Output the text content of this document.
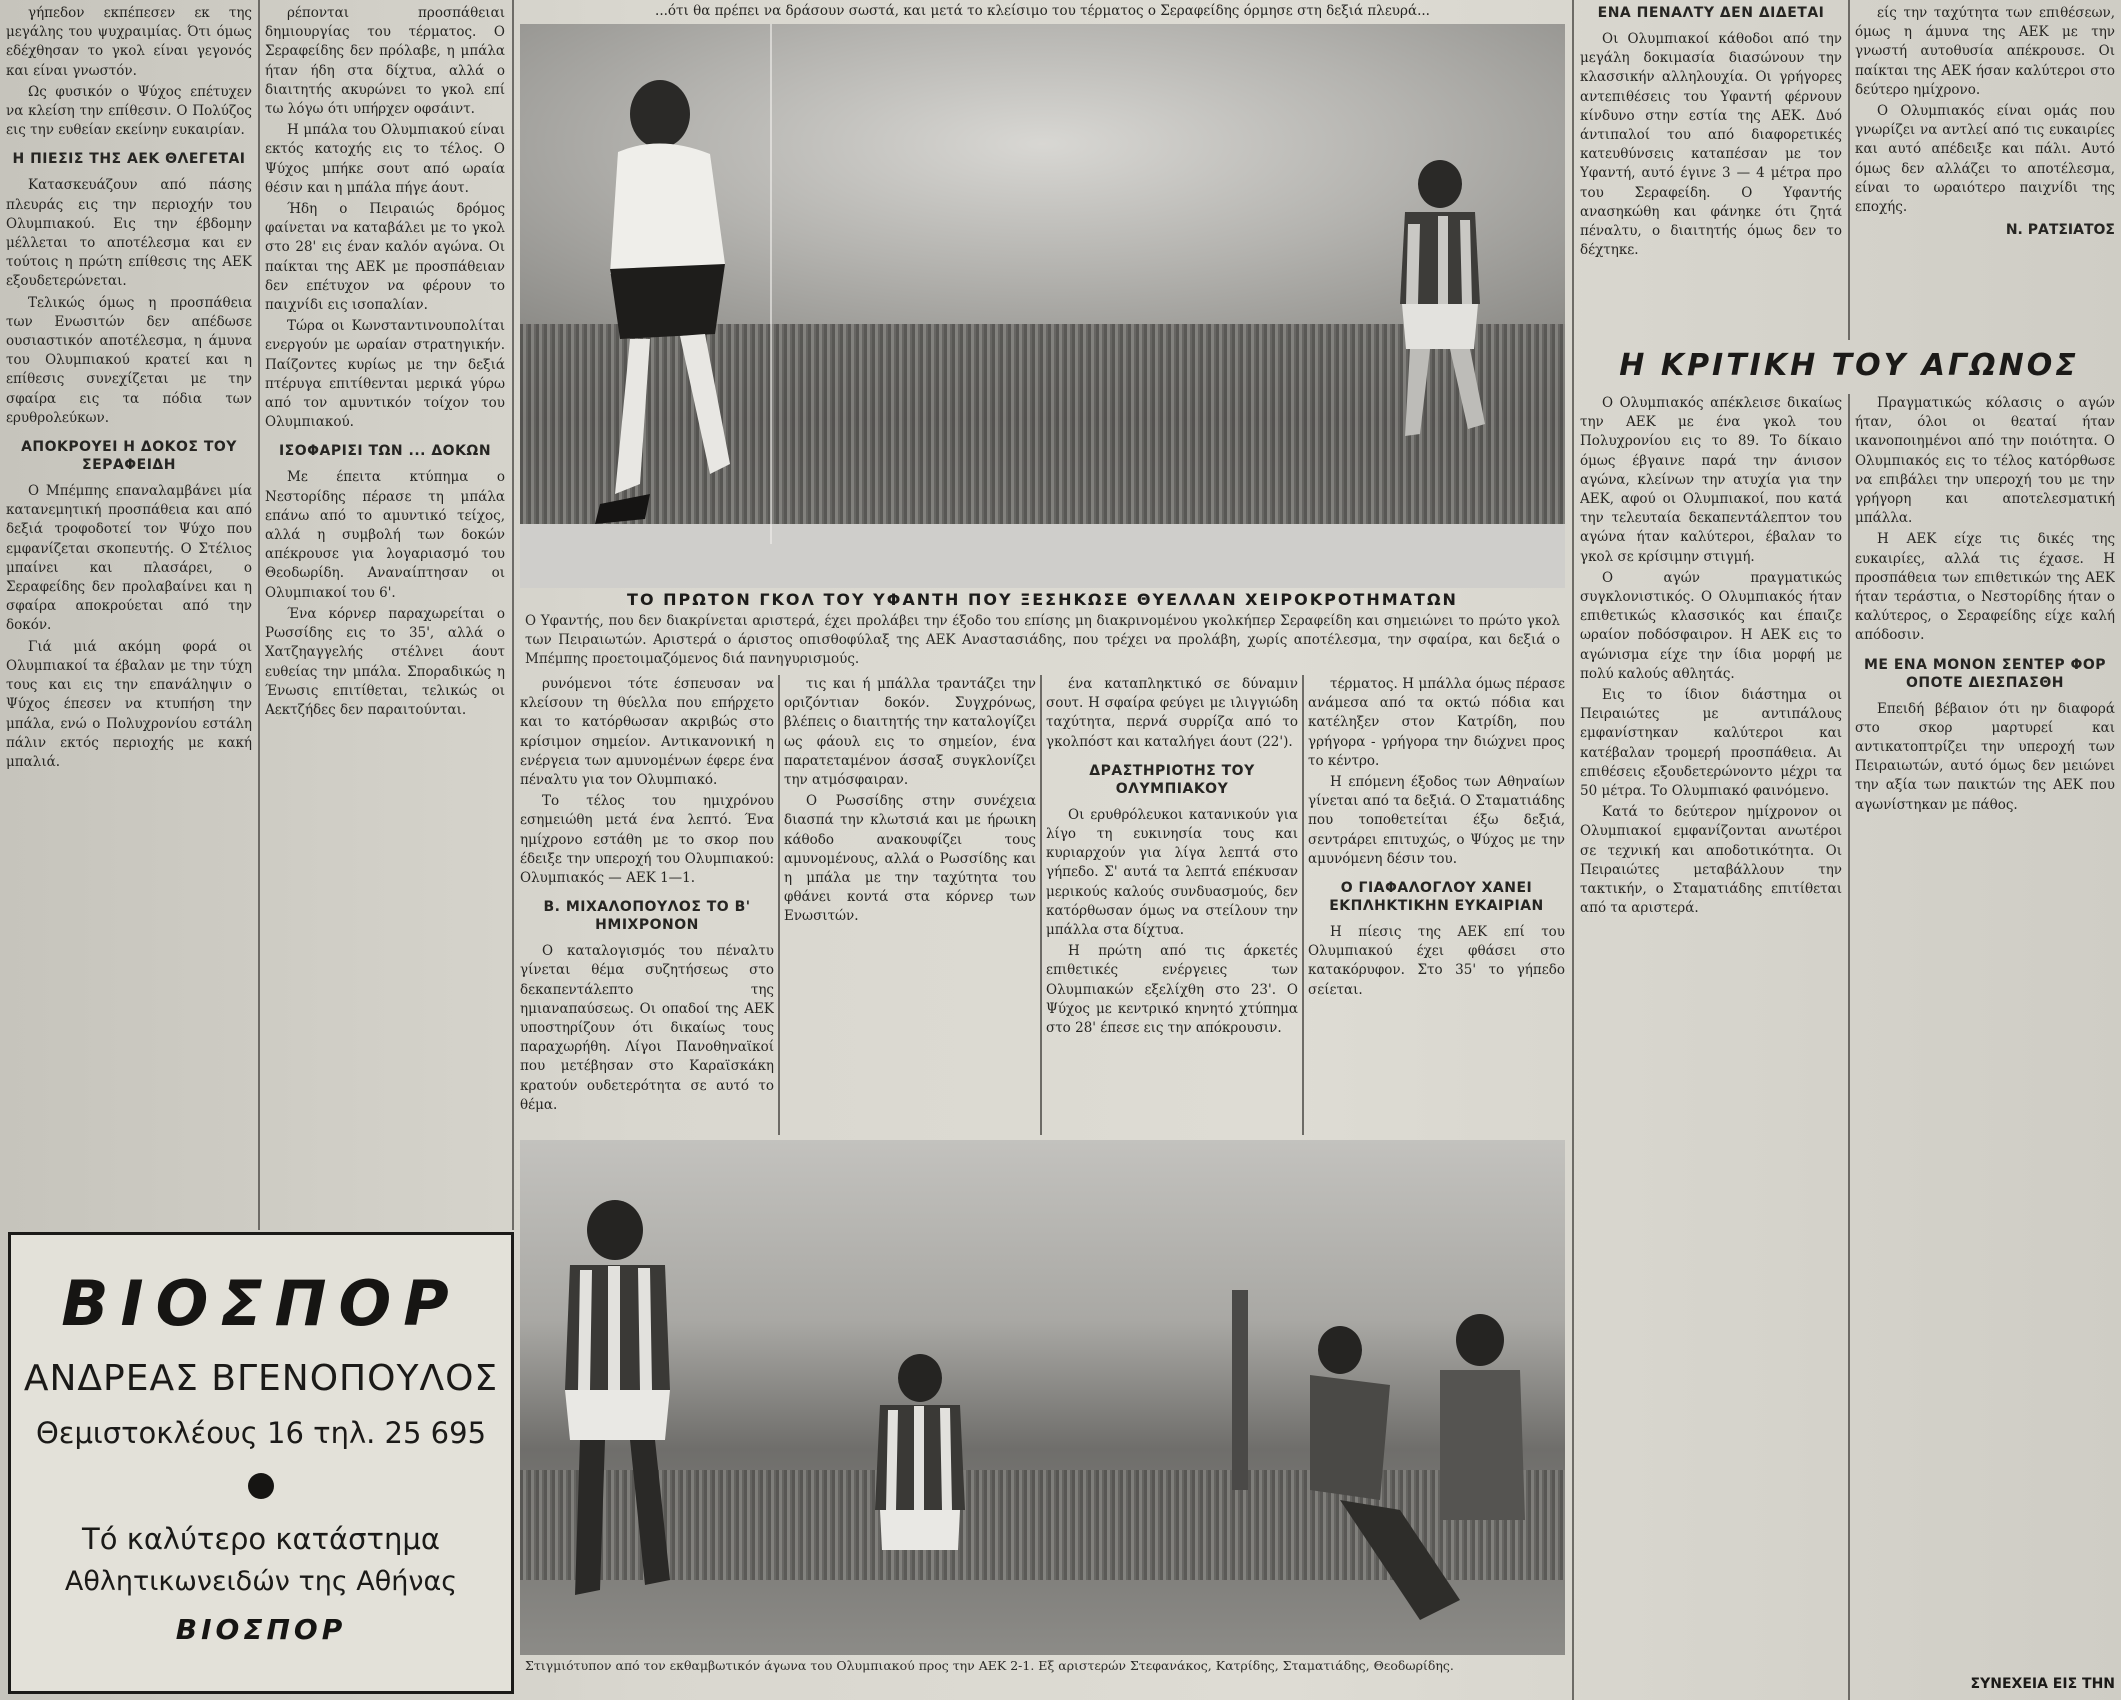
γήπεδον εκπέπεσεν εκ της μεγάλης του ψυχραιμίας. Ότι όμως εδέχθησαν το γκολ είναι γεγονός και είναι γνωστόν.

Ως φυσικόν ο Ψύχος επέτυχεν να κλείση την επίθεσιν. Ο Πολύζος εις την ευθείαν εκείνην ευκαιρίαν.

Η ΠΙΕΣΙΣ ΤΗΣ ΑΕΚ ΘΛΕΓΕΤΑΙ

Κατασκευάζουν από πάσης πλευράς εις την περιοχήν του Ολυμπιακού. Εις την έβδομην μέλλεται το αποτέλεσμα και εν τούτοις η πρώτη επίθεσις της ΑΕΚ εξουδετερώνεται.

Τελικώς όμως η προσπάθεια των Ενωσιτών δεν απέδωσε ουσιαστικόν αποτέλεσμα, η άμυνα του Ολυμπιακού κρατεί και η επίθεσις συνεχίζεται με την σφαίρα εις τα πόδια των ερυθρολεύκων.

ΑΠΟΚΡΟΥΕΙ Η ΔΟΚΟΣ ΤΟΥ ΣΕΡΑΦΕΙΔΗ

Ο Μπέμπης επαναλαμβάνει μία κατανεμητική προσπάθεια και από δεξιά τροφοδοτεί τον Ψύχο που εμφανίζεται σκοπευτής. Ο Στέλιος μπαίνει και πλασάρει, ο Σεραφείδης δεν προλαβαίνει και η σφαίρα αποκρούεται από την δοκόν.

Γιά μιά ακόμη φορά οι Ολυμπιακοί τα έβαλαν με την τύχη τους και εις την επανάληψιν ο Ψύχος έπεσεν να κτυπήση την μπάλα, ενώ ο Πολυχρονίου εστάλη πάλιν εκτός περιοχής με κακή μπαλιά.

ρέπονται προσπάθειαι δημιουργίας του τέρματος. Ο Σεραφείδης δεν πρόλαβε, η μπάλα ήταν ήδη στα δίχτυα, αλλά ο διαιτητής ακυρώνει το γκολ επί τω λόγω ότι υπήρχεν οφσάιντ.

Η μπάλα του Ολυμπιακού είναι εκτός κατοχής εις το τέλος. Ο Ψύχος μπήκε σουτ από ωραία θέσιν και η μπάλα πήγε άουτ.

Ήδη ο Πειραιώς δρόμος φαίνεται να καταβάλει με το γκολ στο 28' εις έναν καλόν αγώνα. Οι παίκται της ΑΕΚ με προσπάθειαν δεν επέτυχον να φέρουν το παιχνίδι εις ισοπαλίαν.

Τώρα οι Κωνσταντινουπολίται ενεργούν με ωραίαν στρατηγικήν. Παίζοντες κυρίως με την δεξιά πτέρυγα επιτίθενται μερικά γύρω από τον αμυντικόν τοίχον του Ολυμπιακού.

ΙΣΟΦΑΡΙΣΙ ΤΩΝ ... ΔΟΚΩΝ

Με έπειτα κτύπημα ο Νεστορίδης πέρασε τη μπάλα επάνω από το αμυντικό τείχος, αλλά η συμβολή των δοκών απέκρουσε για λογαριασμό του Θεοδωρίδη. Αναναίπτησαν οι Ολυμπιακοί του 6'.

Ένα κόρνερ παραχωρείται ο Ρωσσίδης εις το 35', αλλά ο Χατζηαγγελής στέλνει άουτ ευθείας την μπάλα. Σποραδικώς η Ένωσις επιτίθεται, τελικώς οι Αεκτζήδες δεν παραιτούνται.

...ότι θα πρέπει να δράσουν σωστά, και μετά το κλείσιμο του τέρματος ο Σεραφείδης όρμησε στη δεξιά πλευρά...
ΤΟ ΠΡΩΤΟΝ ΓΚΟΛ ΤΟΥ ΥΦΑΝΤΗ ΠΟΥ ΞΕΣΗΚΩΣΕ ΘΥΕΛΛΑΝ ΧΕΙΡΟΚΡΟΤΗΜΑΤΩΝ
Ο Υφαντής, που δεν διακρίνεται αριστερά, έχει προλάβει την έξοδο του επίσης μη διακρινομένου γκολκήπερ Σεραφείδη και σημειώνει το πρώτο γκολ των Πειραιωτών. Αριστερά ο άριστος οπισθοφύλαξ της ΑΕΚ Αναστασιάδης, που τρέχει να προλάβη, χωρίς αποτέλεσμα, την σφαίρα, και δεξιά ο Μπέμπης προετοιμαζόμενος διά πανηγυρισμούς.

ρυνόμενοι τότε έσπευσαν να κλείσουν τη θύελλα που επήρχετο και το κατόρθωσαν ακριβώς στο κρίσιμον σημείον. Αντικανονική η ενέργεια των αμυνομένων έφερε ένα πέναλτυ για τον Ολυμπιακό.

Το τέλος του ημιχρόνου εσημειώθη μετά ένα λεπτό. Ένα ημίχρονο εστάθη με το σκορ που έδειξε την υπεροχή του Ολυμπιακού: Ολυμπιακός — ΑΕΚ 1—1.

Β. ΜΙΧΑΛΟΠΟΥΛΟΣ ΤΟ Β' ΗΜΙΧΡΟΝΟΝ

Ο καταλογισμός του πέναλτυ γίνεται θέμα συζητήσεως στο δεκαπεντάλεπτο της ημιαναπαύσεως. Οι οπαδοί της ΑΕΚ υποστηρίζουν ότι δικαίως τους παραχωρήθη. Λίγοι Πανοθηναϊκοί που μετέβησαν στο Καραϊσκάκη κρατούν ουδετερότητα σε αυτό το θέμα.

τις και ή μπάλλα τραντάζει την οριζόντιαν δοκόν. Συγχρόνως, βλέπεις ο διαιτητής την καταλογίζει ως φάουλ εις το σημείον, ένα παρατεταμένον άσσαξ συγκλονίζει την ατμόσφαιραν.

Ο Ρωσσίδης στην συνέχεια διασπά την κλωτσιά και με ήρωικη κάθοδο ανακουφίζει τους αμυνομένους, αλλά ο Ρωσσίδης και η μπάλα με την ταχύτητα του φθάνει κοντά στα κόρνερ των Ενωσιτών.

ένα καταπληκτικό σε δύναμιν σουτ. Η σφαίρα φεύγει με ιλιγγιώδη ταχύτητα, περνά συρρίζα από το γκολπόστ και καταλήγει άουτ (22').

ΔΡΑΣΤΗΡΙΟΤΗΣ ΤΟΥ ΟΛΥΜΠΙΑΚΟΥ

Οι ερυθρόλευκοι κατανικούν για λίγο τη ευκινησία τους και κυριαρχούν για λίγα λεπτά στο γήπεδο. Σ' αυτά τα λεπτά επέκυσαν μερικούς καλούς συνδυασμούς, δεν κατόρθωσαν όμως να στείλουν την μπάλλα στα δίχτυα.

Η πρώτη από τις άρκετές επιθετικές ενέργειες των Ολυμπιακών εξελίχθη στο 23'. Ο Ψύχος με κεντρικό κηνητό χτύπημα στο 28' έπεσε εις την απόκρουσιν.

τέρματος. Η μπάλλα όμως πέρασε ανάμεσα από τα οκτώ πόδια και κατέληξεν στον Κατρίδη, που γρήγορα - γρήγορα την διώχνει προς το κέντρο.

Η επόμενη έξοδος των Αθηναίων γίνεται από τα δεξιά. Ο Σταματιάδης που τοποθετείται έξω δεξιά, σεντράρει επιτυχώς, ο Ψύχος με την αμυνόμενη δέσιν του.

Ο ΓΙΑΦΑΛΟΓΛΟΥ ΧΑΝΕΙ ΕΚΠΛΗΚΤΙΚΗΝ ΕΥΚΑΙΡΙΑΝ

Η πίεσις της ΑΕΚ επί του Ολυμπιακού έχει φθάσει στο κατακόρυφον. Στο 35' το γήπεδο σείεται.

Στιγμιότυπον από τον εκθαμβωτικόν άγωνα του Ολυμπιακού προς την ΑΕΚ 2-1. Εξ αριστερών Στεφανάκος, Κατρίδης, Σταματιάδης, Θεοδωρίδης.
ΕΝΑ ΠΕΝΑΛΤΥ ΔΕΝ ΔΙΔΕΤΑΙ

Οι Ολυμπιακοί κάθοδοι από την μεγάλη δοκιμασία διασώνουν την κλασσικήν αλληλουχία. Οι γρήγορες αντεπιθέσεις του Υφαντή φέρνουν κίνδυνο στην εστία της ΑΕΚ. Δυό άντιπαλοί του από διαφορετικές κατευθύνσεις καταπέσαν με τον Υφαντή, αυτό έγινε 3 — 4 μέτρα προ του Σεραφείδη. Ο Υφαντής ανασηκώθη και φάνηκε ότι ζητά πέναλτυ, ο διαιτητής όμως δεν το δέχτηκε.

είς την ταχύτητα των επιθέσεων, όμως η άμυνα της ΑΕΚ με την γνωστή αυτοθυσία απέκρουσε. Οι παίκται της ΑΕΚ ήσαν καλύτεροι στο δεύτερο ημίχρονο.

Ο Ολυμπιακός είναι ομάς που γνωρίζει να αντλεί από τις ευκαιρίες και αυτό απέδειξε και πάλι. Αυτό όμως δεν αλλάζει το αποτέλεσμα, είναι το ωραιότερο παιχνίδι της εποχής.

Ν. ΡΑΤΣΙΑΤΟΣ
Η ΚΡΙΤΙΚΗ ΤΟΥ ΑΓΩΝΟΣ

Ο Ολυμπιακός απέκλεισε δικαίως την ΑΕΚ με ένα γκολ του Πολυχρονίου εις το 89. Το δίκαιο όμως έβγαινε παρά την άνισον αγώνα, κλείνων την ατυχία για την ΑΕΚ, αφού οι Ολυμπιακοί, που κατά την τελευταία δεκαπεντάλεπτον του αγώνα ήταν καλύτεροι, έβαλαν το γκολ σε κρίσιμην στιγμή.

Ο αγών πραγματικώς συγκλονιστικός. Ο Ολυμπιακός ήταν επιθετικώς κλασσικός και έπαιζε ωραίον ποδόσφαιρον. Η ΑΕΚ εις το αγώνισμα είχε την ίδια μορφή με πολύ καλούς αθλητάς.

Εις το ίδιον διάστημα οι Πειραιώτες με αντιπάλους εμφανίστηκαν καλύτεροι και κατέβαλαν τρομερή προσπάθεια. Αι επιθέσεις εξουδετερώνοντο μέχρι τα 50 μέτρα. Το Ολυμπιακό φαινόμενο.

Κατά το δεύτερον ημίχρονον οι Ολυμπιακοί εμφανίζονται ανωτέροι σε τεχνική και αποδοτικότητα. Οι Πειραιώτες μεταβάλλουν την τακτικήν, ο Σταματιάδης επιτίθεται από τα αριστερά.

Πραγματικώς κόλασις ο αγών ήταν, όλοι οι θεαταί ήταν ικανοποιημένοι από την ποιότητα. Ο Ολυμπιακός εις το τέλος κατόρθωσε να επιβάλει την υπεροχή του με την γρήγορη και αποτελεσματική μπάλλα.

Η ΑΕΚ είχε τις δικές της ευκαιρίες, αλλά τις έχασε. Η προσπάθεια των επιθετικών της ΑΕΚ ήταν τεράστια, ο Νεστορίδης ήταν ο καλύτερος, ο Σεραφείδης είχε καλή απόδοσιν.

ΜΕ ΕΝΑ ΜΟΝΟΝ ΣΕΝΤΕΡ ΦΟΡ ΟΠΟΤΕ ΔΙΕΣΠΑΣΘΗ

Επειδή βέβαιον ότι ην διαφορά στο σκορ μαρτυρεί και αντικατοπτρίζει την υπεροχή των Πειραιωτών, αυτό όμως δεν μειώνει την αξία των παικτών της ΑΕΚ που αγωνίστηκαν με πάθος.

ΣΥΝΕΧΕΙΑ ΕΙΣ ΤΗΝ
ΒΙΟΣΠΟΡ
ΑΝΔΡΕΑΣ ΒΓΕΝΟΠΟΥΛΟΣ
Θεμιστοκλέους 16 τηλ. 25 695
Τό καλύτερο κατάστημα
Αθλητικωνειδών της Αθήνας
ΒΙΟΣΠΟΡ
